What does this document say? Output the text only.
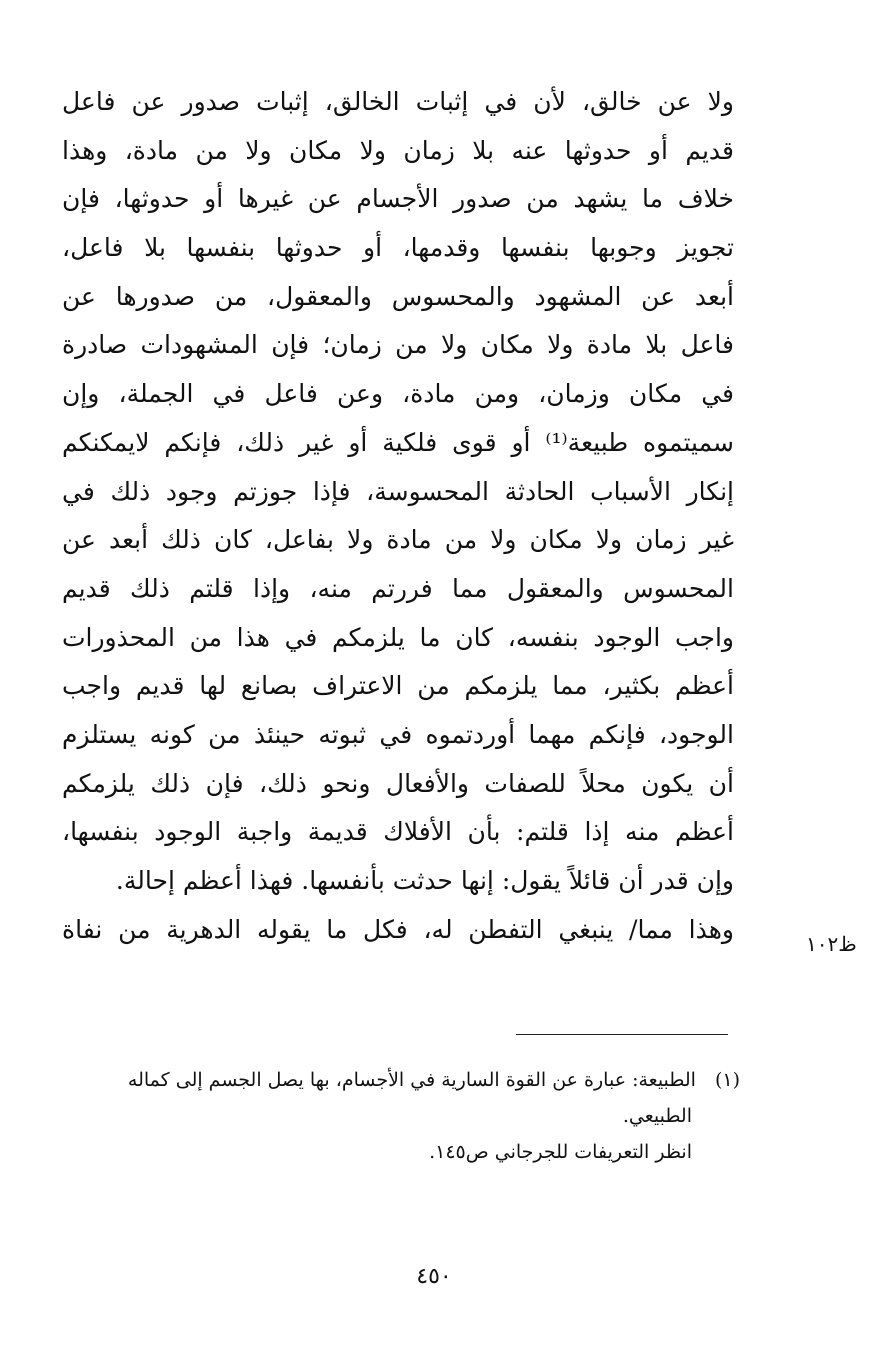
ولا عن خالق، لأن في إثبات الخالق، إثبات صدور عن فاعل
قديم أو حدوثها عنه بلا زمان ولا مكان ولا من مادة، وهذا
خلاف ما يشهد من صدور الأجسام عن غيرها أو حدوثها، فإن
تجويز وجوبها بنفسها وقدمها، أو حدوثها بنفسها بلا فاعل،
أبعد عن المشهود والمحسوس والمعقول، من صدورها عن
فاعل بلا مادة ولا مكان ولا من زمان؛ فإن المشهودات صادرة
في مكان وزمان، ومن مادة، وعن فاعل في الجملة، وإن
سميتموه طبيعة⁽¹⁾ أو قوى فلكية أو غير ذلك، فإنكم لايمكنكم
إنكار الأسباب الحادثة المحسوسة، فإذا جوزتم وجود ذلك في
غير زمان ولا مكان ولا من مادة ولا بفاعل، كان ذلك أبعد عن
المحسوس والمعقول مما فررتم منه، وإذا قلتم ذلك قديم
واجب الوجود بنفسه، كان ما يلزمكم في هذا من المحذورات
أعظم بكثير، مما يلزمكم من الاعتراف بصانع لها قديم واجب
الوجود، فإنكم مهما أوردتموه في ثبوته حينئذ من كونه يستلزم
أن يكون محلاً للصفات والأفعال ونحو ذلك، فإن ذلك يلزمكم
أعظم منه إذا قلتم: بأن الأفلاك قديمة واجبة الوجود بنفسها،
وإن قدر أن قائلاً يقول: إنها حدثت بأنفسها. فهذا أعظم إحالة.
وهذا مما/ ينبغي التفطن له، فكل ما يقوله الدهرية من نفاة
ظ١٠٢
(١) الطبيعة: عبارة عن القوة السارية في الأجسام، بها يصل الجسم إلى كماله
الطبيعي.
انظر التعريفات للجرجاني ص١٤٥.
٤٥٠
